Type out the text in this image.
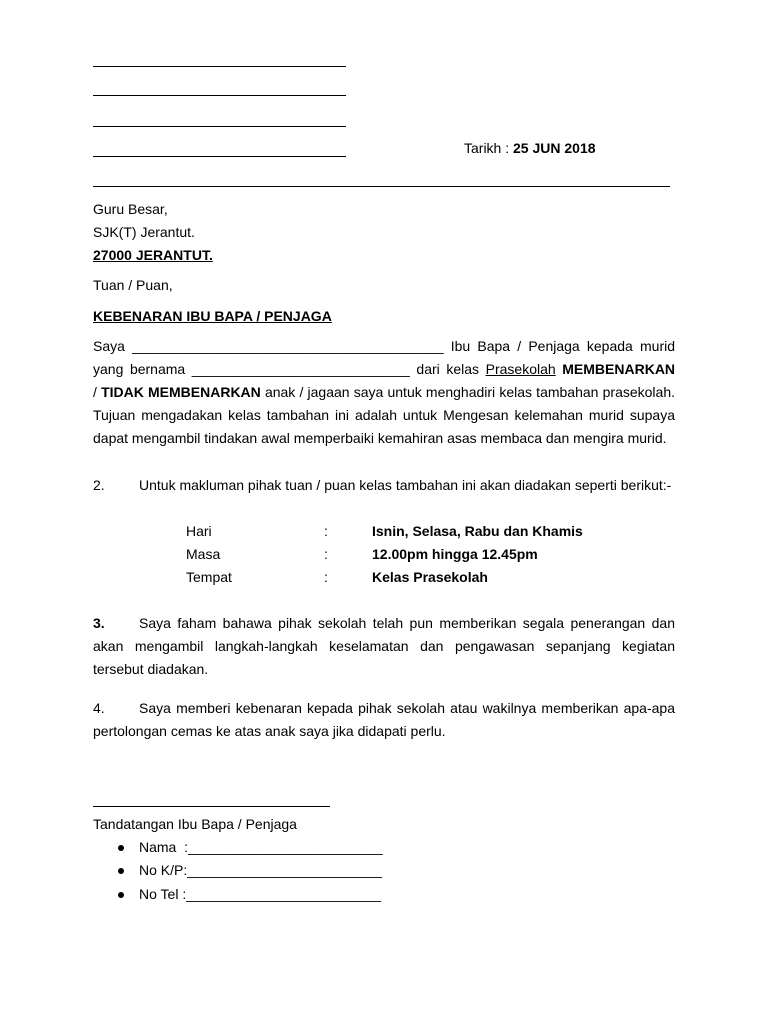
Tarikh : 25 JUN 2018
Guru Besar,
SJK(T) Jerantut.
27000 JERANTUT.
Tuan / Puan,
KEBENARAN IBU BAPA / PENJAGA
Saya ________________________________________ Ibu Bapa / Penjaga kepada murid
yang bernama ____________________________ dari kelas Prasekolah MEMBENARKAN
/ TIDAK MEMBENARKAN anak / jagaan saya untuk menghadiri kelas tambahan prasekolah.
Tujuan mengadakan kelas tambahan ini adalah untuk Mengesan kelemahan murid supaya
dapat mengambil tindakan awal memperbaiki kemahiran asas membaca dan mengira murid.
2. Untuk makluman pihak tuan / puan kelas tambahan ini akan diadakan seperti berikut:-
Hari	:	Isnin, Selasa, Rabu dan Khamis
Masa	:	12.00pm hingga 12.45pm
Tempat	:	Kelas Prasekolah
3. Saya faham bahawa pihak sekolah telah pun memberikan segala penerangan dan
akan mengambil langkah-langkah keselamatan dan pengawasan sepanjang kegiatan
tersebut diadakan.
4. Saya memberi kebenaran kepada pihak sekolah atau wakilnya memberikan apa-apa
pertolongan cemas ke atas anak saya jika didapati perlu.
Tandatangan Ibu Bapa / Penjaga
Nama  :_________________________
No K/P:_________________________
No Tel :_________________________
